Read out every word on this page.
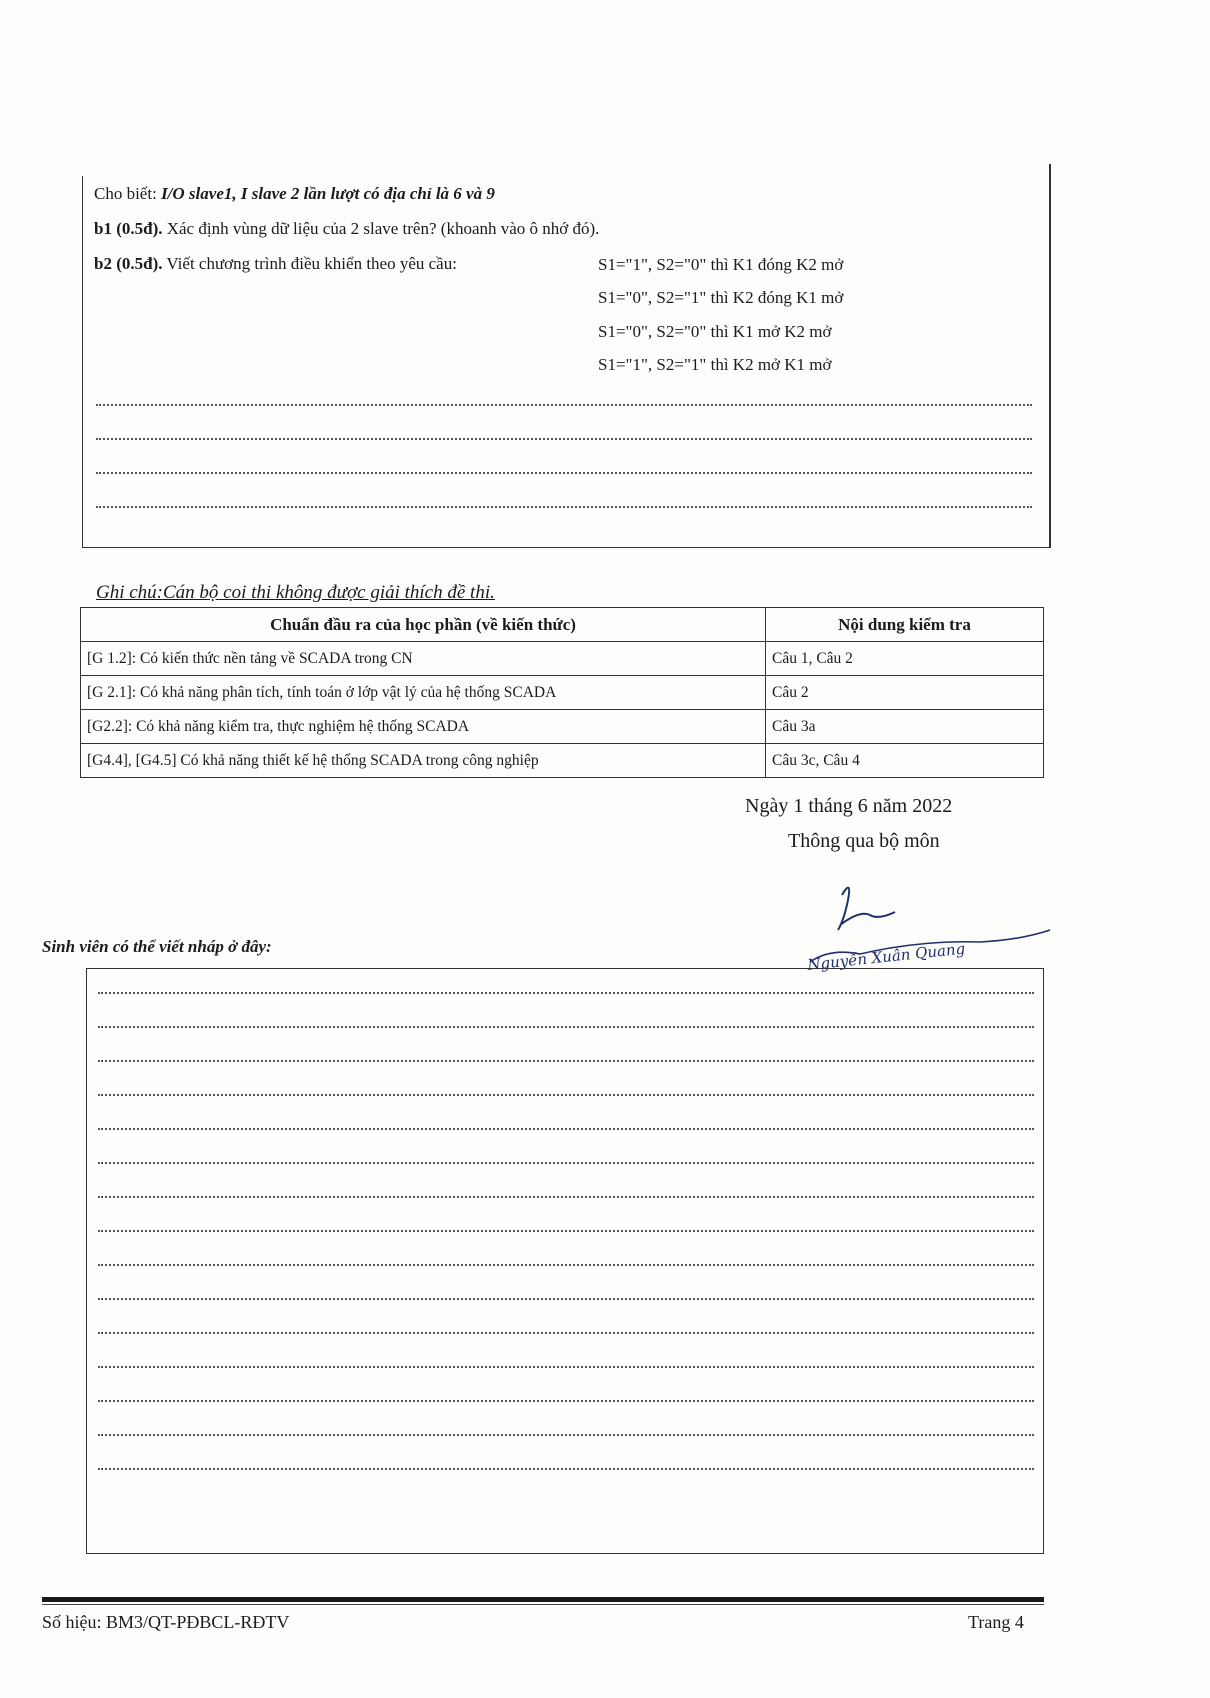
Cho biết: I/O slave1, I slave 2 lần lượt có địa chỉ là 6 và 9
b1 (0.5đ). Xác định vùng dữ liệu của 2 slave trên? (khoanh vào ô nhớ đó).
b2 (0.5đ). Viết chương trình điều khiển theo yêu cầu:	S1="1", S2="0" thì K1 đóng K2 mở
S1="0", S2="1" thì K2 đóng K1 mở
S1="0", S2="0" thì K1 mở K2 mở
S1="1", S2="1" thì K2 mở K1 mở
Ghi chú:Cán bộ coi thi không được giải thích đề thi.
Chuẩn đầu ra của học phần (về kiến thức)	Nội dung kiểm tra
[G 1.2]: Có kiến thức nền tảng về SCADA trong CN	Câu 1, Câu 2
[G 2.1]: Có khả năng phân tích, tính toán ở lớp vật lý của hệ thống SCADA	Câu 2
[G2.2]: Có khả năng kiểm tra, thực nghiệm hệ thống SCADA	Câu 3a
[G4.4], [G4.5] Có khả năng thiết kế hệ thống SCADA trong công nghiệp	Câu 3c, Câu 4
Ngày 1 tháng 6 năm 2022
Thông qua bộ môn
Nguyễn Xuân Quang
Sinh viên có thể viết nháp ở đây:
Số hiệu: BM3/QT-PĐBCL-RĐTV	Trang 4
